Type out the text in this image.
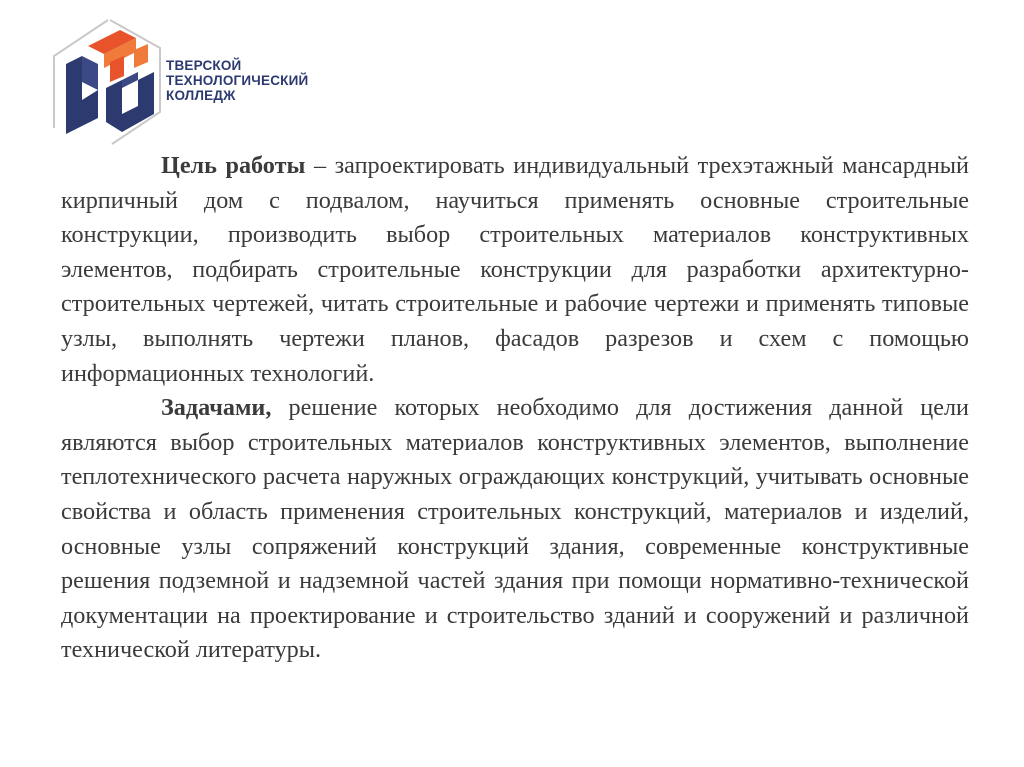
ТВЕРСКОЙ
ТЕХНОЛОГИЧЕСКИЙ
КОЛЛЕДЖ

Цель работы – запроектировать индивидуальный трехэтажный мансардный кирпичный дом с подвалом, научиться применять основные строительные конструкции, производить выбор строительных материалов конструктивных элементов, подбирать строительные конструкции для разработки архитектурно-строительных чертежей, читать строительные и рабочие чертежи и применять типовые узлы, выполнять чертежи планов, фасадов разрезов и схем с помощью информационных технологий.

Задачами, решение которых необходимо для достижения данной цели являются выбор строительных материалов конструктивных элементов, выполнение теплотехнического расчета наружных ограждающих конструкций, учитывать основные свойства и область применения строительных конструкций, материалов и изделий, основные узлы сопряжений конструкций здания, современные конструктивные решения подземной и надземной частей здания при помощи нормативно-технической документации на проектирование и строительство зданий и сооружений и различной технической литературы.
